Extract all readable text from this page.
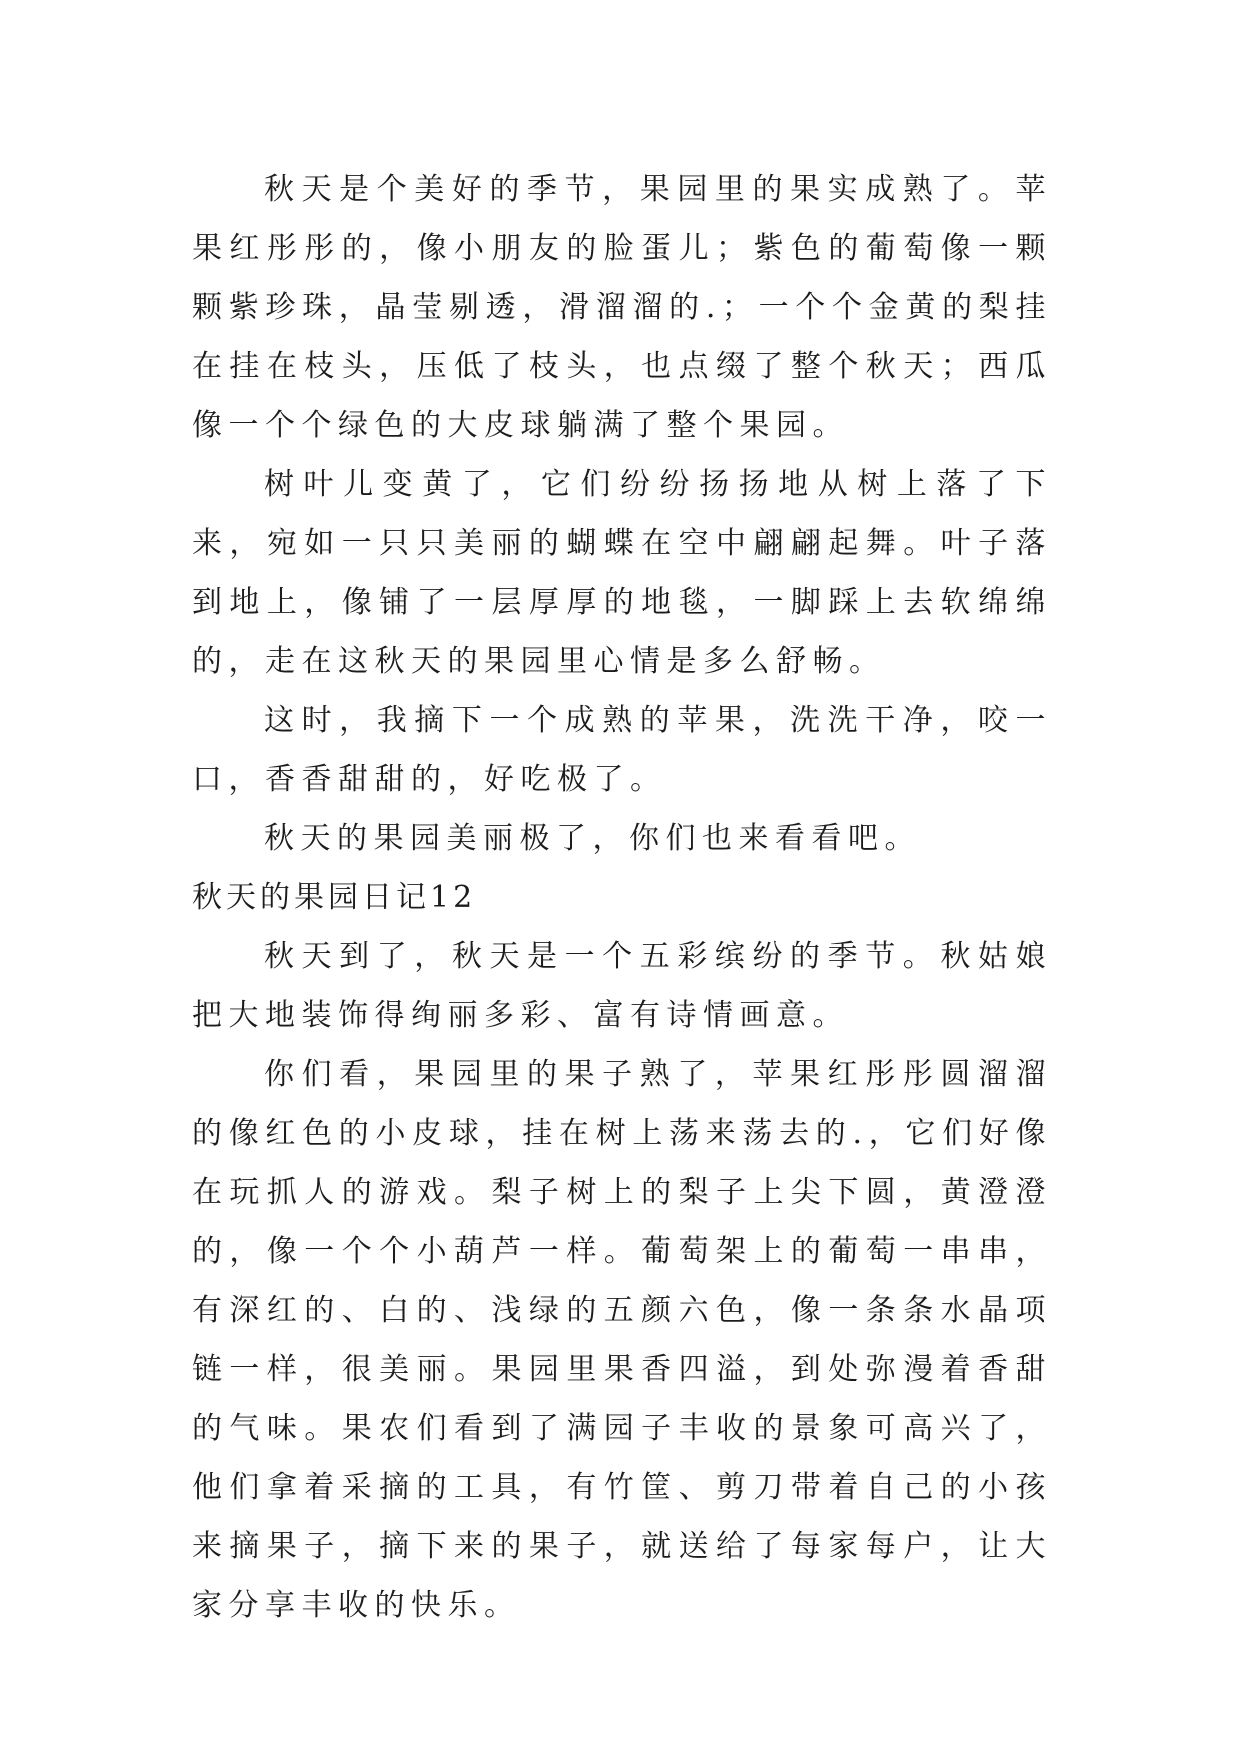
秋天是个美好的季节，果园里的果实成熟了。苹果红彤彤的，像小朋友的脸蛋儿；紫色的葡萄像一颗颗紫珍珠，晶莹剔透，滑溜溜的.；一个个金黄的梨挂在挂在枝头，压低了枝头，也点缀了整个秋天；西瓜像一个个绿色的大皮球躺满了整个果园。

树叶儿变黄了，它们纷纷扬扬地从树上落了下来，宛如一只只美丽的蝴蝶在空中翩翩起舞。叶子落到地上，像铺了一层厚厚的地毯，一脚踩上去软绵绵的，走在这秋天的果园里心情是多么舒畅。

这时，我摘下一个成熟的苹果，洗洗干净，咬一口，香香甜甜的，好吃极了。

秋天的果园美丽极了，你们也来看看吧。

秋天的果园日记12

秋天到了，秋天是一个五彩缤纷的季节。秋姑娘把大地装饰得绚丽多彩、富有诗情画意。

你们看，果园里的果子熟了，苹果红彤彤圆溜溜的像红色的小皮球，挂在树上荡来荡去的.，它们好像在玩抓人的游戏。梨子树上的梨子上尖下圆，黄澄澄的，像一个个小葫芦一样。葡萄架上的葡萄一串串，有深红的、白的、浅绿的五颜六色，像一条条水晶项链一样，很美丽。果园里果香四溢，到处弥漫着香甜的气味。果农们看到了满园子丰收的景象可高兴了，他们拿着采摘的工具，有竹筐、剪刀带着自己的小孩来摘果子，摘下来的果子，就送给了每家每户，让大家分享丰收的快乐。
